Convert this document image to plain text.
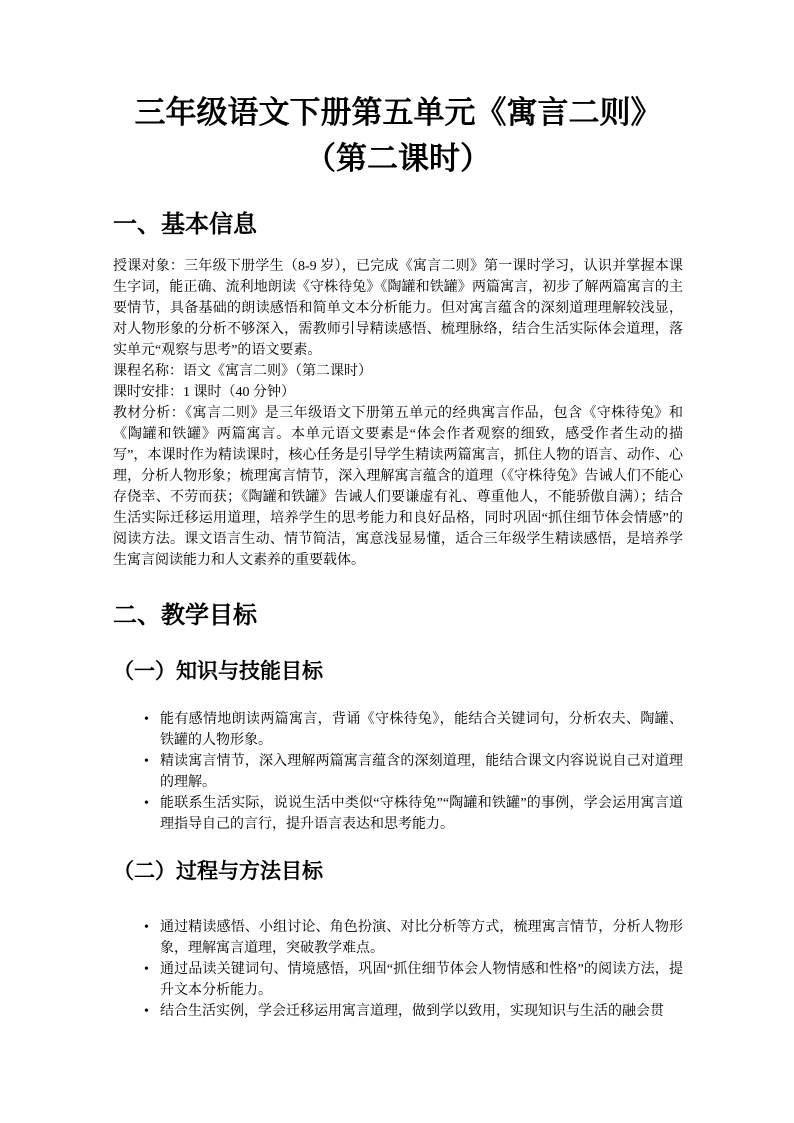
三年级语文下册第五单元《寓言二则》
（第二课时）
一、基本信息

授课对象：三年级下册学生（8-9 岁），已完成《寓言二则》第一课时学习，认识并掌握本课生字词，能正确、流利地朗读《守株待兔》《陶罐和铁罐》两篇寓言，初步了解两篇寓言的主要情节，具备基础的朗读感悟和简单文本分析能力。但对寓言蕴含的深刻道理理解较浅显，对人物形象的分析不够深入，需教师引导精读感悟、梳理脉络，结合生活实际体会道理，落实单元“观察与思考”的语文要素。

课程名称：语文《寓言二则》（第二课时）

课时安排：1 课时（40 分钟）

教材分析：《寓言二则》是三年级语文下册第五单元的经典寓言作品，包含《守株待兔》和《陶罐和铁罐》两篇寓言。本单元语文要素是“体会作者观察的细致，感受作者生动的描写”，本课时作为精读课时，核心任务是引导学生精读两篇寓言，抓住人物的语言、动作、心理，分析人物形象；梳理寓言情节，深入理解寓言蕴含的道理（《守株待兔》告诫人们不能心存侥幸、不劳而获；《陶罐和铁罐》告诫人们要谦虚有礼、尊重他人，不能骄傲自满）；结合生活实际迁移运用道理，培养学生的思考能力和良好品格，同时巩固“抓住细节体会情感”的阅读方法。课文语言生动、情节简洁，寓意浅显易懂，适合三年级学生精读感悟，是培养学生寓言阅读能力和人文素养的重要载体。

二、教学目标
（一）知识与技能目标
• 能有感情地朗读两篇寓言，背诵《守株待兔》，能结合关键词句，分析农夫、陶罐、铁罐的人物形象。
• 精读寓言情节，深入理解两篇寓言蕴含的深刻道理，能结合课文内容说说自己对道理的理解。
• 能联系生活实际，说说生活中类似“守株待兔”“陶罐和铁罐”的事例，学会运用寓言道理指导自己的言行，提升语言表达和思考能力。
（二）过程与方法目标
• 通过精读感悟、小组讨论、角色扮演、对比分析等方式，梳理寓言情节，分析人物形象，理解寓言道理，突破教学难点。
• 通过品读关键词句、情境感悟，巩固“抓住细节体会人物情感和性格”的阅读方法，提升文本分析能力。
• 结合生活实例，学会迁移运用寓言道理，做到学以致用，实现知识与生活的融会贯
